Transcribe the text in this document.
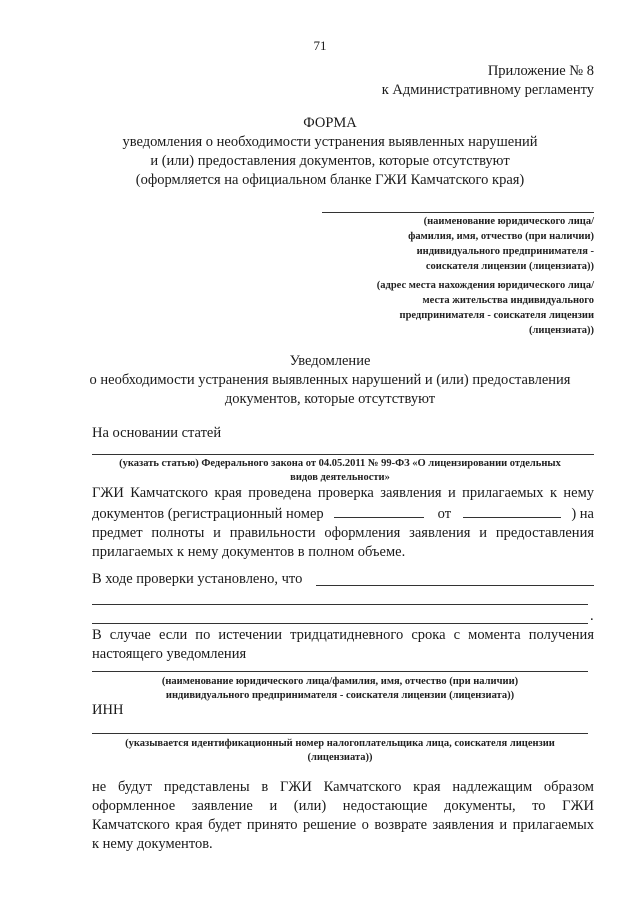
71
Приложение № 8
к Административному регламенту
ФОРМА
уведомления о необходимости устранения выявленных нарушений
и (или) предоставления документов, которые отсутствуют
(оформляется на официальном бланке ГЖИ Камчатского края)
(наименование юридического лица/
фамилия, имя, отчество (при наличии)
индивидуального предпринимателя -
соискателя лицензии (лицензиата))
(адрес места нахождения юридического лица/
места жительства индивидуального
предпринимателя - соискателя лицензии
(лицензиата))
Уведомление
о необходимости устранения выявленных нарушений и (или) предоставления
документов, которые отсутствуют
На основании статей
(указать статью) Федерального закона от 04.05.2011 № 99-ФЗ «О лицензировании отдельных
видов деятельности»
ГЖИ Камчатского края проведена проверка заявления и прилагаемых к нему
документов (регистрационный номер	от	) на
предмет полноты и правильности оформления заявления и предоставления
прилагаемых к нему документов в полном объеме.
В ходе проверки установлено, что
.
В случае если по истечении тридцатидневного срока с момента получения
настоящего уведомления
(наименование юридического лица/фамилия, имя, отчество (при наличии)
индивидуального предпринимателя - соискателя лицензии (лицензиата))
ИНН
(указывается идентификационный номер налогоплательщика лица, соискателя лицензии
(лицензиата))
не будут представлены в ГЖИ Камчатского края надлежащим образом
оформленное заявление и (или) недостающие документы, то ГЖИ
Камчатского края будет принято решение о возврате заявления и прилагаемых
к нему документов.
